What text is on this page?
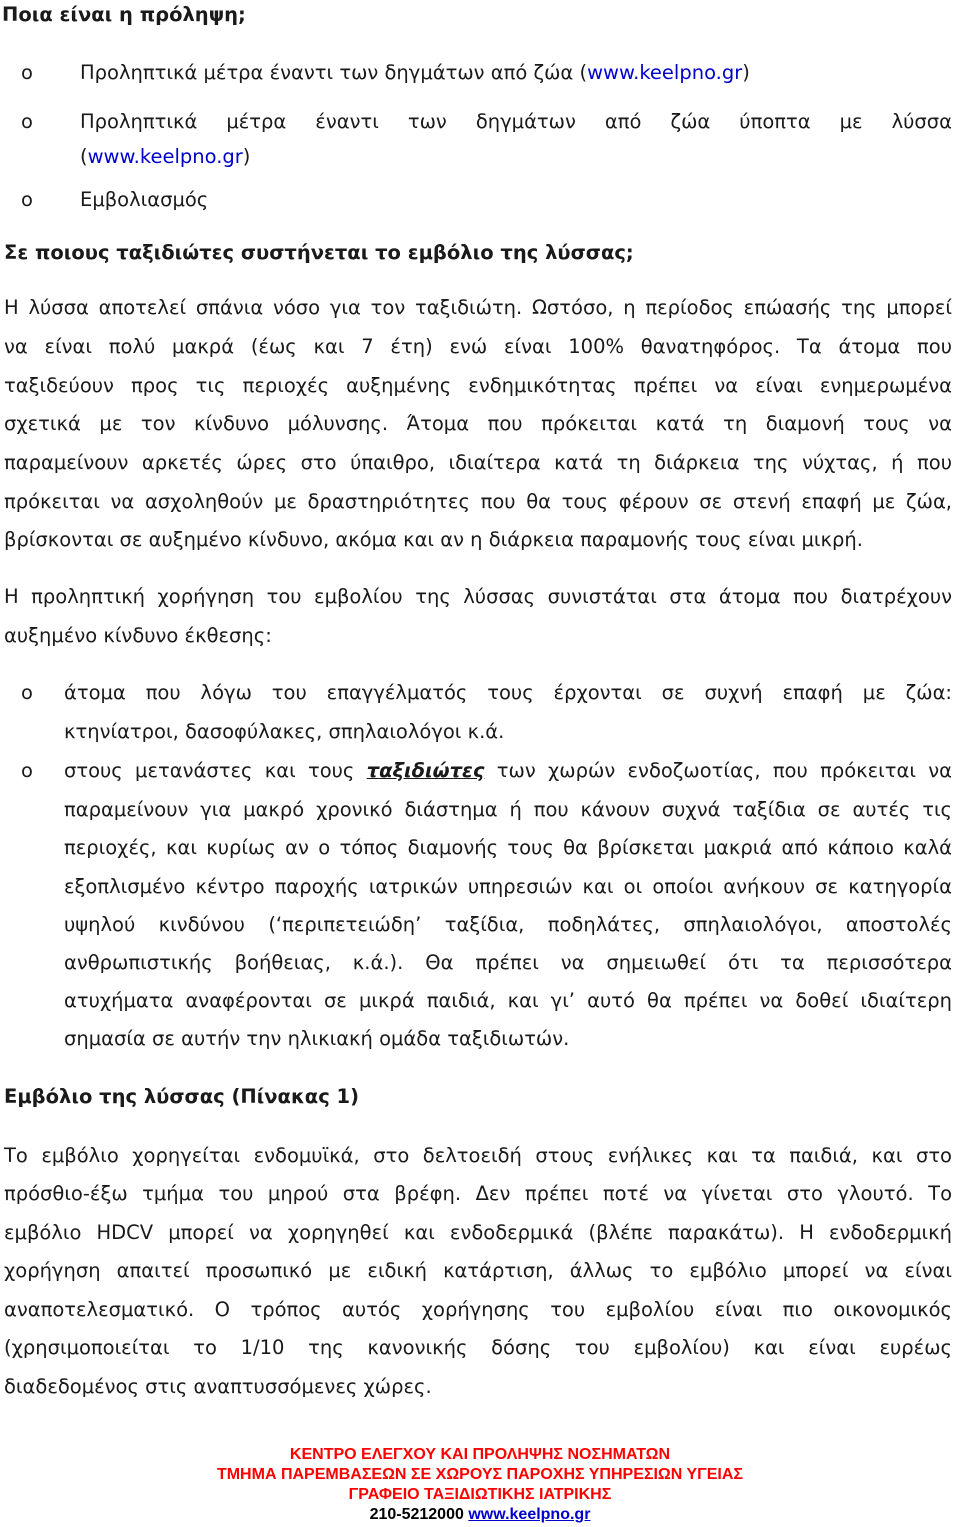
Ποια είναι η πρόληψη;
o Προληπτικά μέτρα έναντι των δηγμάτων από ζώα (www.keelpno.gr)
o Προληπτικά μέτρα έναντι των δηγμάτων από ζώα ύποπτα με λύσσα
(www.keelpno.gr)
o Εμβολιασμός
Σε ποιους ταξιδιώτες συστήνεται το εμβόλιο της λύσσας;
Η λύσσα αποτελεί σπάνια νόσο για τον ταξιδιώτη. Ωστόσο, η περίοδος επώασής της μπορεί
να είναι πολύ μακρά (έως και 7 έτη) ενώ είναι 100% θανατηφόρος. Τα άτομα που
ταξιδεύουν προς τις περιοχές αυξημένης ενδημικότητας πρέπει να είναι ενημερωμένα
σχετικά με τον κίνδυνο μόλυνσης. Άτομα που πρόκειται κατά τη διαμονή τους να
παραμείνουν αρκετές ώρες στο ύπαιθρο, ιδιαίτερα κατά τη διάρκεια της νύχτας, ή που
πρόκειται να ασχοληθούν με δραστηριότητες που θα τους φέρουν σε στενή επαφή με ζώα,
βρίσκονται σε αυξημένο κίνδυνο, ακόμα και αν η διάρκεια παραμονής τους είναι μικρή.
Η προληπτική χορήγηση του εμβολίου της λύσσας συνιστάται στα άτομα που διατρέχουν
αυξημένο κίνδυνο έκθεσης:
o άτομα που λόγω του επαγγέλματός τους έρχονται σε συχνή επαφή με ζώα:
κτηνίατροι, δασοφύλακες, σπηλαιολόγοι κ.ά.
o στους μετανάστες και τους ταξιδιώτες των χωρών ενδοζωοτίας, που πρόκειται να
παραμείνουν για μακρό χρονικό διάστημα ή που κάνουν συχνά ταξίδια σε αυτές τις
περιοχές, και κυρίως αν ο τόπος διαμονής τους θα βρίσκεται μακριά από κάποιο καλά
εξοπλισμένο κέντρο παροχής ιατρικών υπηρεσιών και οι οποίοι ανήκουν σε κατηγορία
υψηλού κινδύνου (‘περιπετειώδη’ ταξίδια, ποδηλάτες, σπηλαιολόγοι, αποστολές
ανθρωπιστικής βοήθειας, κ.ά.). Θα πρέπει να σημειωθεί ότι τα περισσότερα
ατυχήματα αναφέρονται σε μικρά παιδιά, και γι’ αυτό θα πρέπει να δοθεί ιδιαίτερη
σημασία σε αυτήν την ηλικιακή ομάδα ταξιδιωτών.
Εμβόλιο της λύσσας (Πίνακας 1)
Το εμβόλιο χορηγείται ενδομυϊκά, στο δελτοειδή στους ενήλικες και τα παιδιά, και στο
πρόσθιο-έξω τμήμα του μηρού στα βρέφη. Δεν πρέπει ποτέ να γίνεται στο γλουτό. Το
εμβόλιο HDCV μπορεί να χορηγηθεί και ενδοδερμικά (βλέπε παρακάτω). Η ενδοδερμική
χορήγηση απαιτεί προσωπικό με ειδική κατάρτιση, άλλως το εμβόλιο μπορεί να είναι
αναποτελεσματικό. Ο τρόπος αυτός χορήγησης του εμβολίου είναι πιο οικονομικός
(χρησιμοποιείται το 1/10 της κανονικής δόσης του εμβολίου) και είναι ευρέως
διαδεδομένος στις αναπτυσσόμενες χώρες.
ΚΕΝΤΡΟ ΕΛΕΓΧΟΥ ΚΑΙ ΠΡΟΛΗΨΗΣ ΝΟΣΗΜΑΤΩΝ
ΤΜΗΜΑ ΠΑΡΕΜΒΑΣΕΩΝ ΣΕ ΧΩΡΟΥΣ ΠΑΡΟΧΗΣ ΥΠΗΡΕΣΙΩΝ ΥΓΕΙΑΣ
ΓΡΑΦΕΙΟ ΤΑΞΙΔΙΩΤΙΚΗΣ ΙΑΤΡΙΚΗΣ
210-5212000 www.keelpno.gr
